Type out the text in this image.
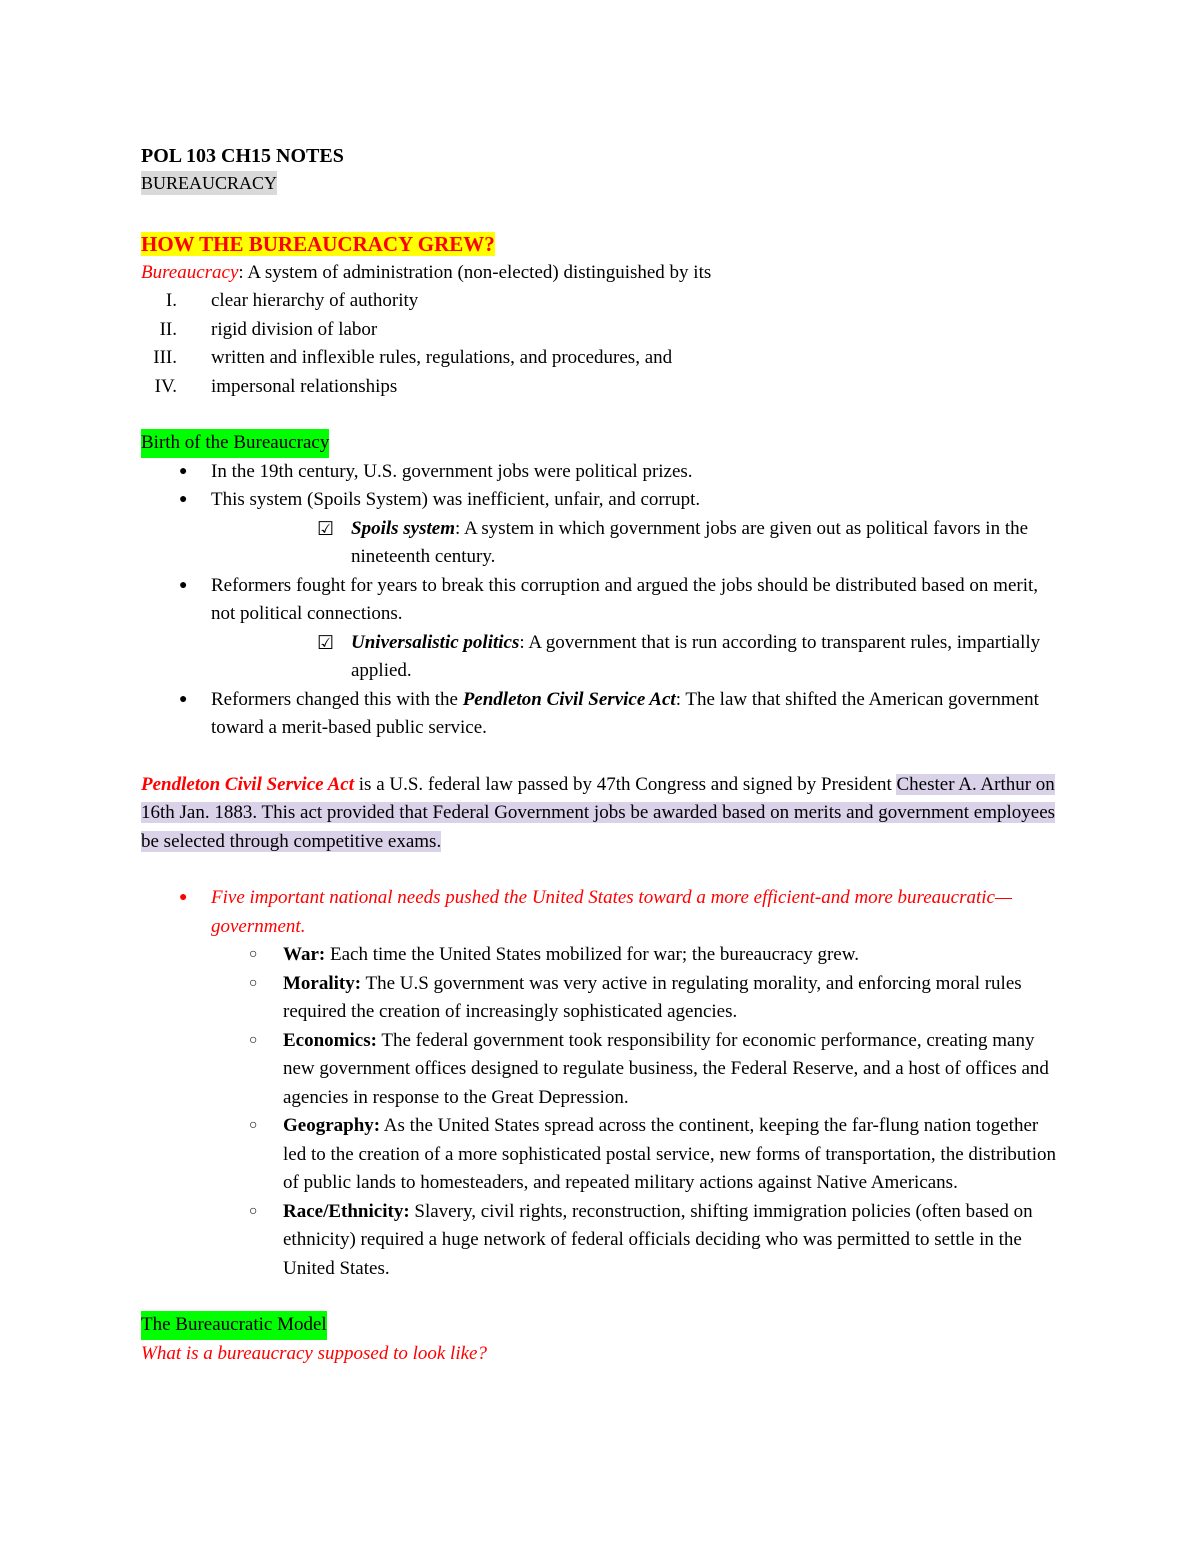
POL 103 CH15 NOTES
BUREAUCRACY
HOW THE BUREAUCRACY GREW?
Bureaucracy: A system of administration (non-elected) distinguished by its
I. clear hierarchy of authority
II. rigid division of labor
III. written and inflexible rules, regulations, and procedures, and
IV. impersonal relationships
Birth of the Bureaucracy
● In the 19th century, U.S. government jobs were political prizes.
● This system (Spoils System) was inefficient, unfair, and corrupt.
☑ Spoils system: A system in which government jobs are given out as political favors in the nineteenth century.
● Reformers fought for years to break this corruption and argued the jobs should be distributed based on merit, not political connections.
☑ Universalistic politics: A government that is run according to transparent rules, impartially applied.
● Reformers changed this with the Pendleton Civil Service Act: The law that shifted the American government toward a merit-based public service.
Pendleton Civil Service Act is a U.S. federal law passed by 47th Congress and signed by President Chester A. Arthur on 16th Jan. 1883. This act provided that Federal Government jobs be awarded based on merits and government employees be selected through competitive exams.
● Five important national needs pushed the United States toward a more efficient-and more bureaucratic—government.
○ War: Each time the United States mobilized for war; the bureaucracy grew.
○ Morality: The U.S government was very active in regulating morality, and enforcing moral rules required the creation of increasingly sophisticated agencies.
○ Economics: The federal government took responsibility for economic performance, creating many new government offices designed to regulate business, the Federal Reserve, and a host of offices and agencies in response to the Great Depression.
○ Geography: As the United States spread across the continent, keeping the far-flung nation together led to the creation of a more sophisticated postal service, new forms of transportation, the distribution of public lands to homesteaders, and repeated military actions against Native Americans.
○ Race/Ethnicity: Slavery, civil rights, reconstruction, shifting immigration policies (often based on ethnicity) required a huge network of federal officials deciding who was permitted to settle in the United States.
The Bureaucratic Model
What is a bureaucracy supposed to look like?
